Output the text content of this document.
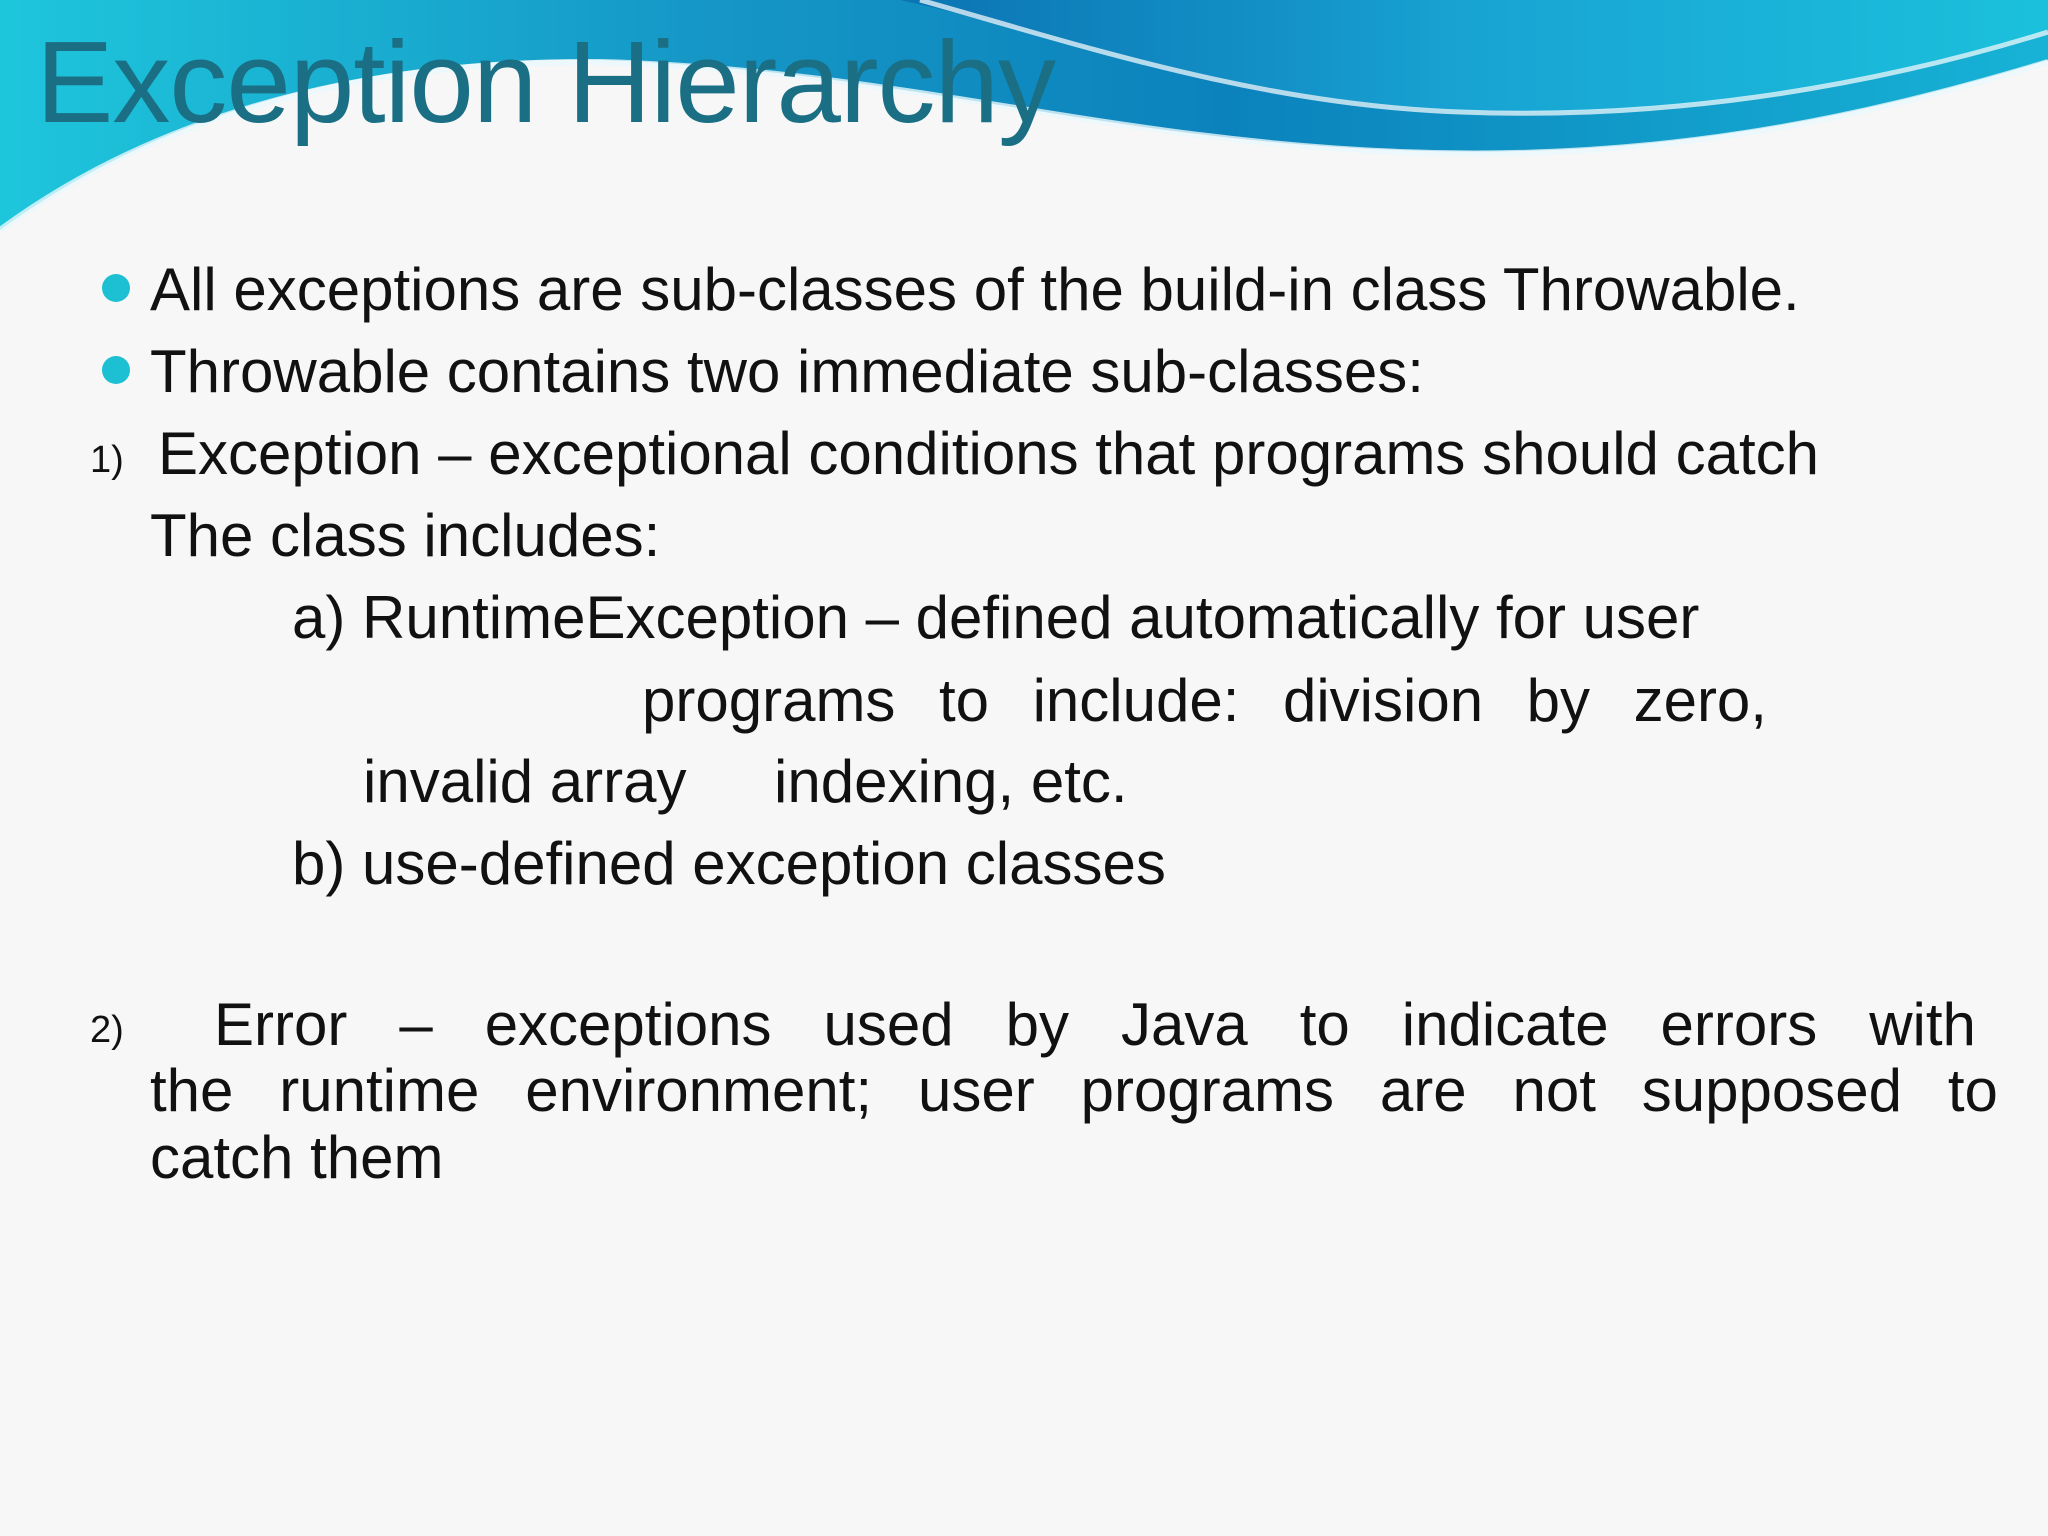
Exception Hierarchy

All exceptions are sub-classes of the build-in class Throwable.

Throwable contains two immediate sub-classes:

1) Exception – exceptional conditions that programs should catch

The class includes:

a) RuntimeException – defined automatically for user

programs to include: division by zero,

invalid array indexing, etc.

b) use-defined exception classes

2) Error – exceptions used by Java to indicate errors with
the runtime environment; user programs are not supposed to

catch them
